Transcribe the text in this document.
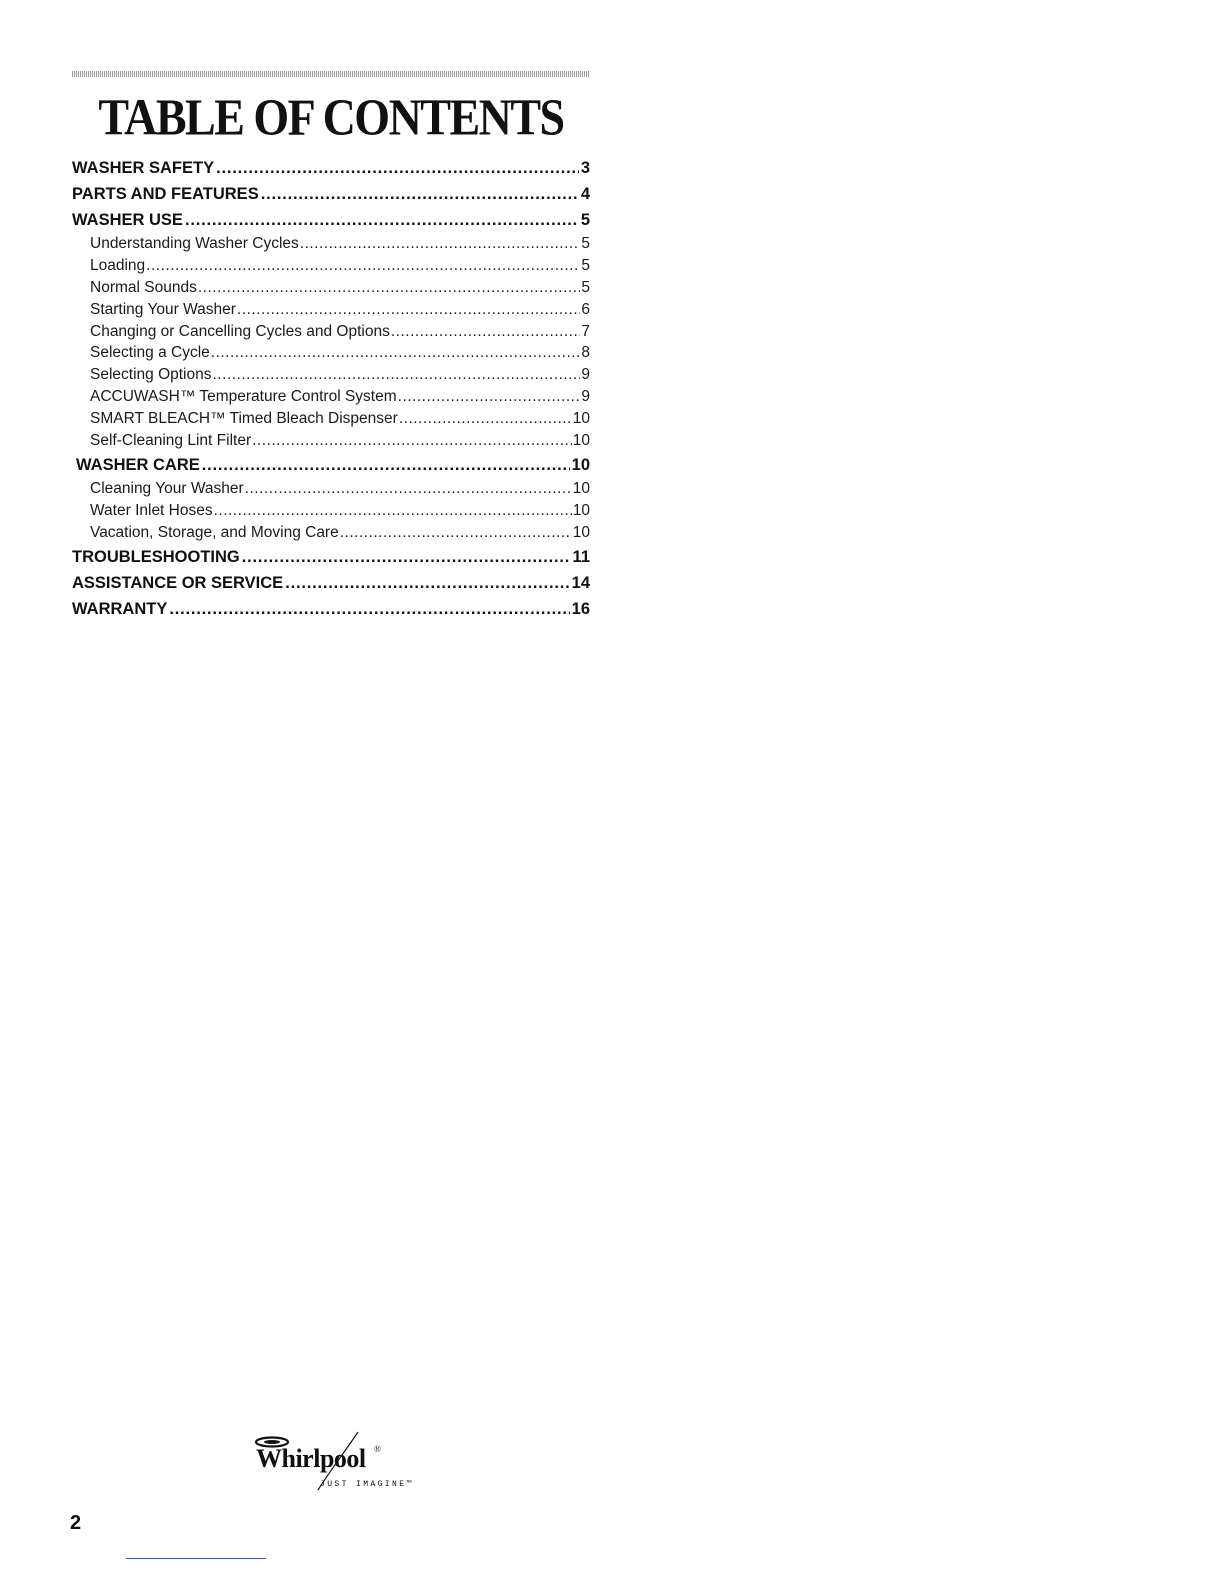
TABLE OF CONTENTS
WASHER SAFETY .....	3
PARTS AND FEATURES .....	4
WASHER USE .....	5
Understanding Washer Cycles .....	5
Loading .....	5
Normal Sounds .....	5
Starting Your Washer .....	6
Changing or Cancelling Cycles and Options .....	7
Selecting a Cycle .....	8
Selecting Options .....	9
ACCUWASH™ Temperature Control System .....	9
SMART BLEACH™ Timed Bleach Dispenser .....	10
Self-Cleaning Lint Filter .....	10
WASHER CARE .....	10
Cleaning Your Washer .....	10
Water Inlet Hoses .....	10
Vacation, Storage, and Moving Care .....	10
TROUBLESHOOTING .....	11
ASSISTANCE OR SERVICE .....	14
WARRANTY .....	16
Whirlpool ®
JUST IMAGINE™
2
